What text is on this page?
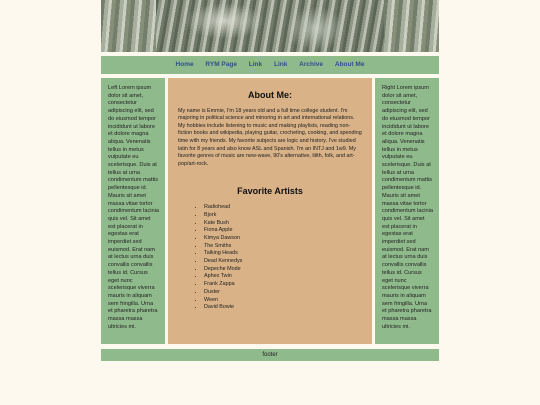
Home RYM Page Link Link Archive About Me
Left Lorem ipsum dolor sit amet, consectetur adipiscing elit, sed do eiusmod tempor incididunt ut labore et dolore magna aliqua. Venenatis tellus in metus vulputate eu scelerisque. Duis at tellus at urna condimentum mattis pellentesque id. Mauris sit amet massa vitae tortor condimentum lacinia quis vel. Sit amet est placerat in egestas erat imperdiet sed euismod. Erat nam at lectus urna duis convallis convallis tellus id. Cursus eget nunc scelerisque viverra mauris in aliquam sem fringilla. Urna et pharetra pharetra massa massa ultricies mi.
About Me:

My name is Emmie, I'm 18 years old and a full time college student. I'm majoring in political science and minoring in art and international relations. My hobbies include listening to music and making playlists, reading non-fiction books and wikipedia, playing guitar, crocheting, cooking, and spending time with my friends. My favorite subjects are logic and history. I've studied latin for 8 years and also know ASL and Spanish. I'm an INTJ and 1w9. My favorite genres of music are new-wave, 90's alternative, lilith, folk, and art-pop/art-rock.

Favorite Artists
• Radiohead
• Bjork
• Kate Bush
• Fiona Apple
• Kimya Dawson
• The Smiths
• Talking Heads
• Dead Kennedys
• Depeche Mode
• Aphex Twin
• Frank Zappa
• Duster
• Ween
• David Bowie
Right Lorem ipsum dolor sit amet, consectetur adipiscing elit, sed do eiusmod tempor incididunt ut labore et dolore magna aliqua. Venenatis tellus in metus vulputate eu scelerisque. Duis at tellus at urna condimentum mattis pellentesque id. Mauris sit amet massa vitae tortor condimentum lacinia quis vel. Sit amet est placerat in egestas erat imperdiet sed euismod. Erat nam at lectus urna duis convallis convallis tellus id. Cursus eget nunc scelerisque viverra mauris in aliquam sem fringilla. Urna et pharetra pharetra massa massa ultricies mi.
footer
